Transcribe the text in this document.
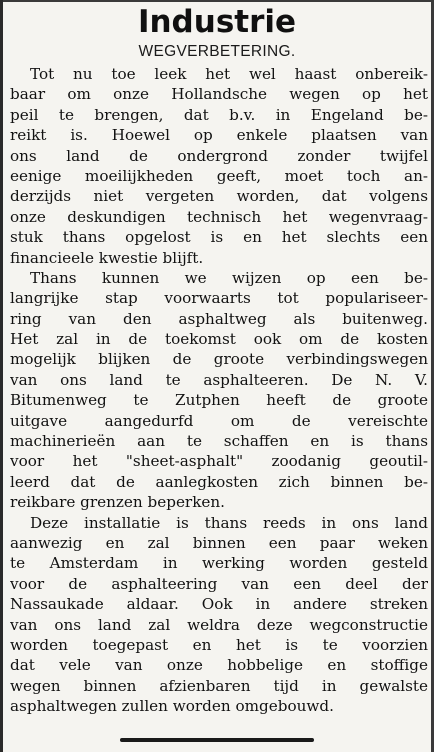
Industrie
WEGVERBETERING.
Tot nu toe leek het wel haast onbereik-
baar om onze Hollandsche wegen op het
peil te brengen, dat b.v. in Engeland be-
reikt is. Hoewel op enkele plaatsen van
ons land de ondergrond zonder twijfel
eenige moeilijkheden geeft, moet toch an-
derzijds niet vergeten worden, dat volgens
onze deskundigen technisch het wegenvraag-
stuk thans opgelost is en het slechts een
financieele kwestie blijft.
Thans kunnen we wijzen op een be-
langrijke stap voorwaarts tot populariseer-
ring van den asphaltweg als buitenweg.
Het zal in de toekomst ook om de kosten
mogelijk blijken de groote verbindingswegen
van ons land te asphalteeren. De N. V.
Bitumenweg te Zutphen heeft de groote
uitgave aangedurfd om de vereischte
machinerieën aan te schaffen en is thans
voor het "sheet-asphalt" zoodanig geoutil-
leerd dat de aanlegkosten zich binnen be-
reikbare grenzen beperken.
Deze installatie is thans reeds in ons land
aanwezig en zal binnen een paar weken
te Amsterdam in werking worden gesteld
voor de asphalteering van een deel der
Nassaukade aldaar. Ook in andere streken
van ons land zal weldra deze wegconstructie
worden toegepast en het is te voorzien
dat vele van onze hobbelige en stoffige
wegen binnen afzienbaren tijd in gewalste
asphaltwegen zullen worden omgebouwd.
